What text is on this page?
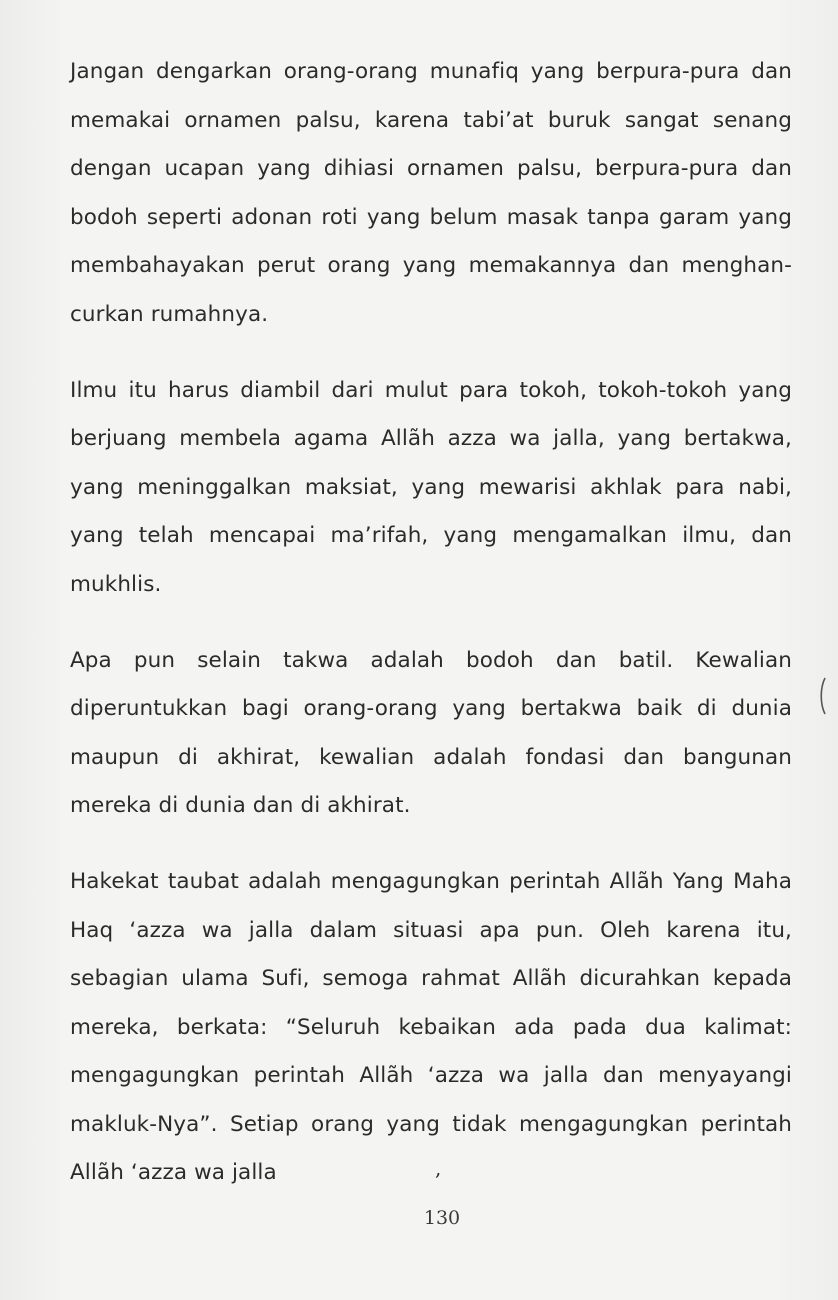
Jangan dengarkan orang-orang munafiq yang berpura-pura dan memakai ornamen palsu, karena tabi’at buruk sangat senang dengan ucapan yang dihiasi ornamen palsu, berpura-pura dan bodoh seperti adonan roti yang belum masak tanpa garam yang membahayakan perut orang yang memakannya dan menghan- curkan rumahnya.

Ilmu itu harus diambil dari mulut para tokoh, tokoh-tokoh yang berjuang membela agama Allãh azza wa jalla, yang bertakwa, yang meninggalkan maksiat, yang mewarisi akhlak para nabi, yang telah mencapai ma’rifah, yang mengamalkan ilmu, dan mukhlis.

Apa pun selain takwa adalah bodoh dan batil. Kewalian diperuntukkan bagi orang-orang yang bertakwa baik di dunia maupun di akhirat, kewalian adalah fondasi dan bangunan mereka di dunia dan di akhirat.

Hakekat taubat adalah mengagungkan perintah Allãh Yang Maha Haq ‘azza wa jalla dalam situasi apa pun. Oleh karena itu, sebagian ulama Sufi, semoga rahmat Allãh dicurahkan kepada mereka, berkata: “Seluruh kebaikan ada pada dua kalimat: mengagungkan perintah Allãh ‘azza wa jalla dan menyayangi makluk-Nya”. Setiap orang yang tidak mengagungkan perintah Allãh ‘azza wa jalla	,
130
